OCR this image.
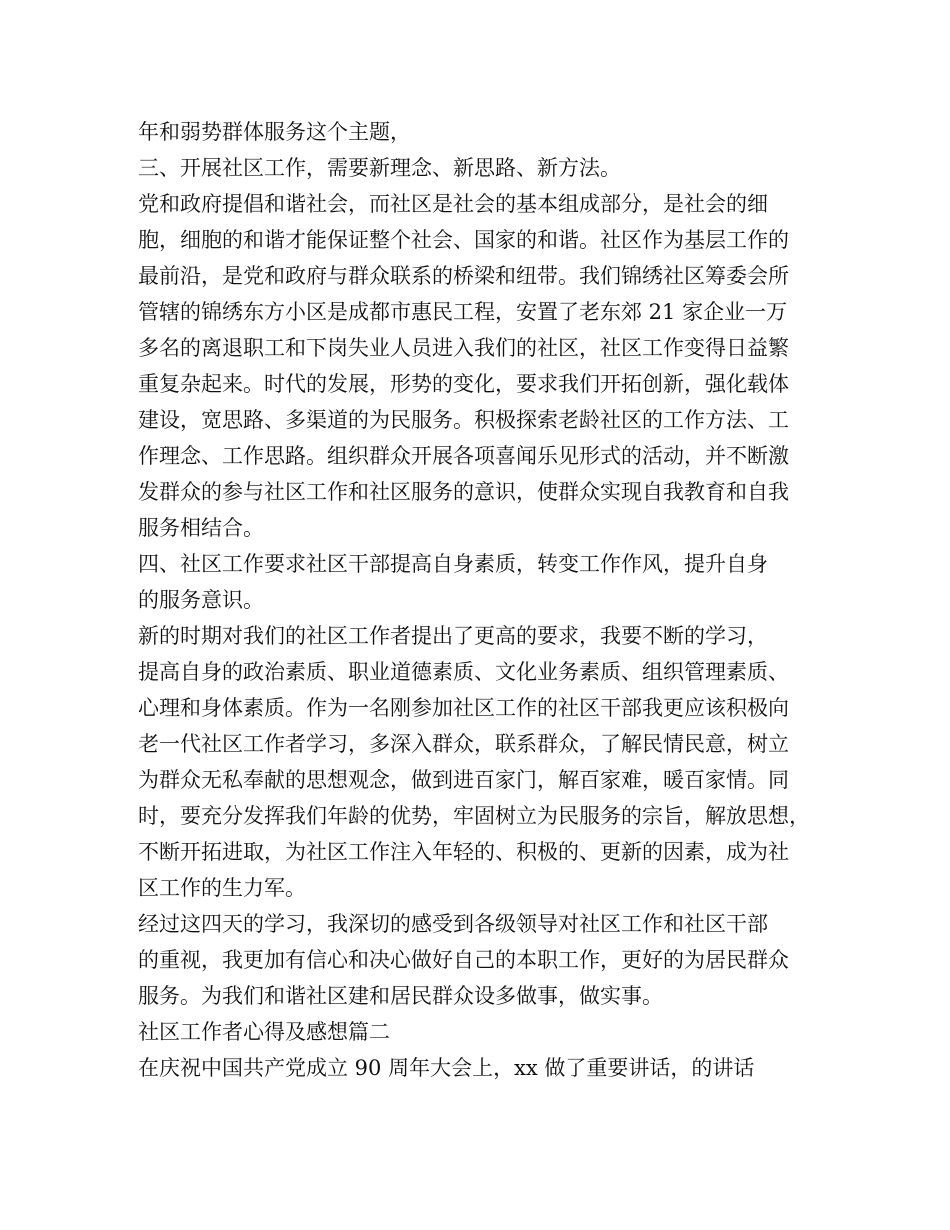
年和弱势群体服务这个主题，
三、开展社区工作，需要新理念、新思路、新方法。
党和政府提倡和谐社会，而社区是社会的基本组成部分，是社会的细
胞，细胞的和谐才能保证整个社会、国家的和谐。社区作为基层工作的
最前沿，是党和政府与群众联系的桥梁和纽带。我们锦绣社区筹委会所
管辖的锦绣东方小区是成都市惠民工程，安置了老东郊 21 家企业一万
多名的离退职工和下岗失业人员进入我们的社区，社区工作变得日益繁
重复杂起来。时代的发展，形势的变化，要求我们开拓创新，强化载体
建设，宽思路、多渠道的为民服务。积极探索老龄社区的工作方法、工
作理念、工作思路。组织群众开展各项喜闻乐见形式的活动，并不断激
发群众的参与社区工作和社区服务的意识，使群众实现自我教育和自我
服务相结合。
四、社区工作要求社区干部提高自身素质，转变工作作风，提升自身
的服务意识。
新的时期对我们的社区工作者提出了更高的要求，我要不断的学习，
提高自身的政治素质、职业道德素质、文化业务素质、组织管理素质、
心理和身体素质。作为一名刚参加社区工作的社区干部我更应该积极向
老一代社区工作者学习，多深入群众，联系群众，了解民情民意，树立
为群众无私奉献的思想观念，做到进百家门，解百家难，暖百家情。同
时，要充分发挥我们年龄的优势，牢固树立为民服务的宗旨，解放思想，
不断开拓进取，为社区工作注入年轻的、积极的、更新的因素，成为社
区工作的生力军。
经过这四天的学习，我深切的感受到各级领导对社区工作和社区干部
的重视，我更加有信心和决心做好自己的本职工作，更好的为居民群众
服务。为我们和谐社区建和居民群众设多做事，做实事。
社区工作者心得及感想篇二
在庆祝中国共产党成立 90 周年大会上，xx 做了重要讲话，的讲话
